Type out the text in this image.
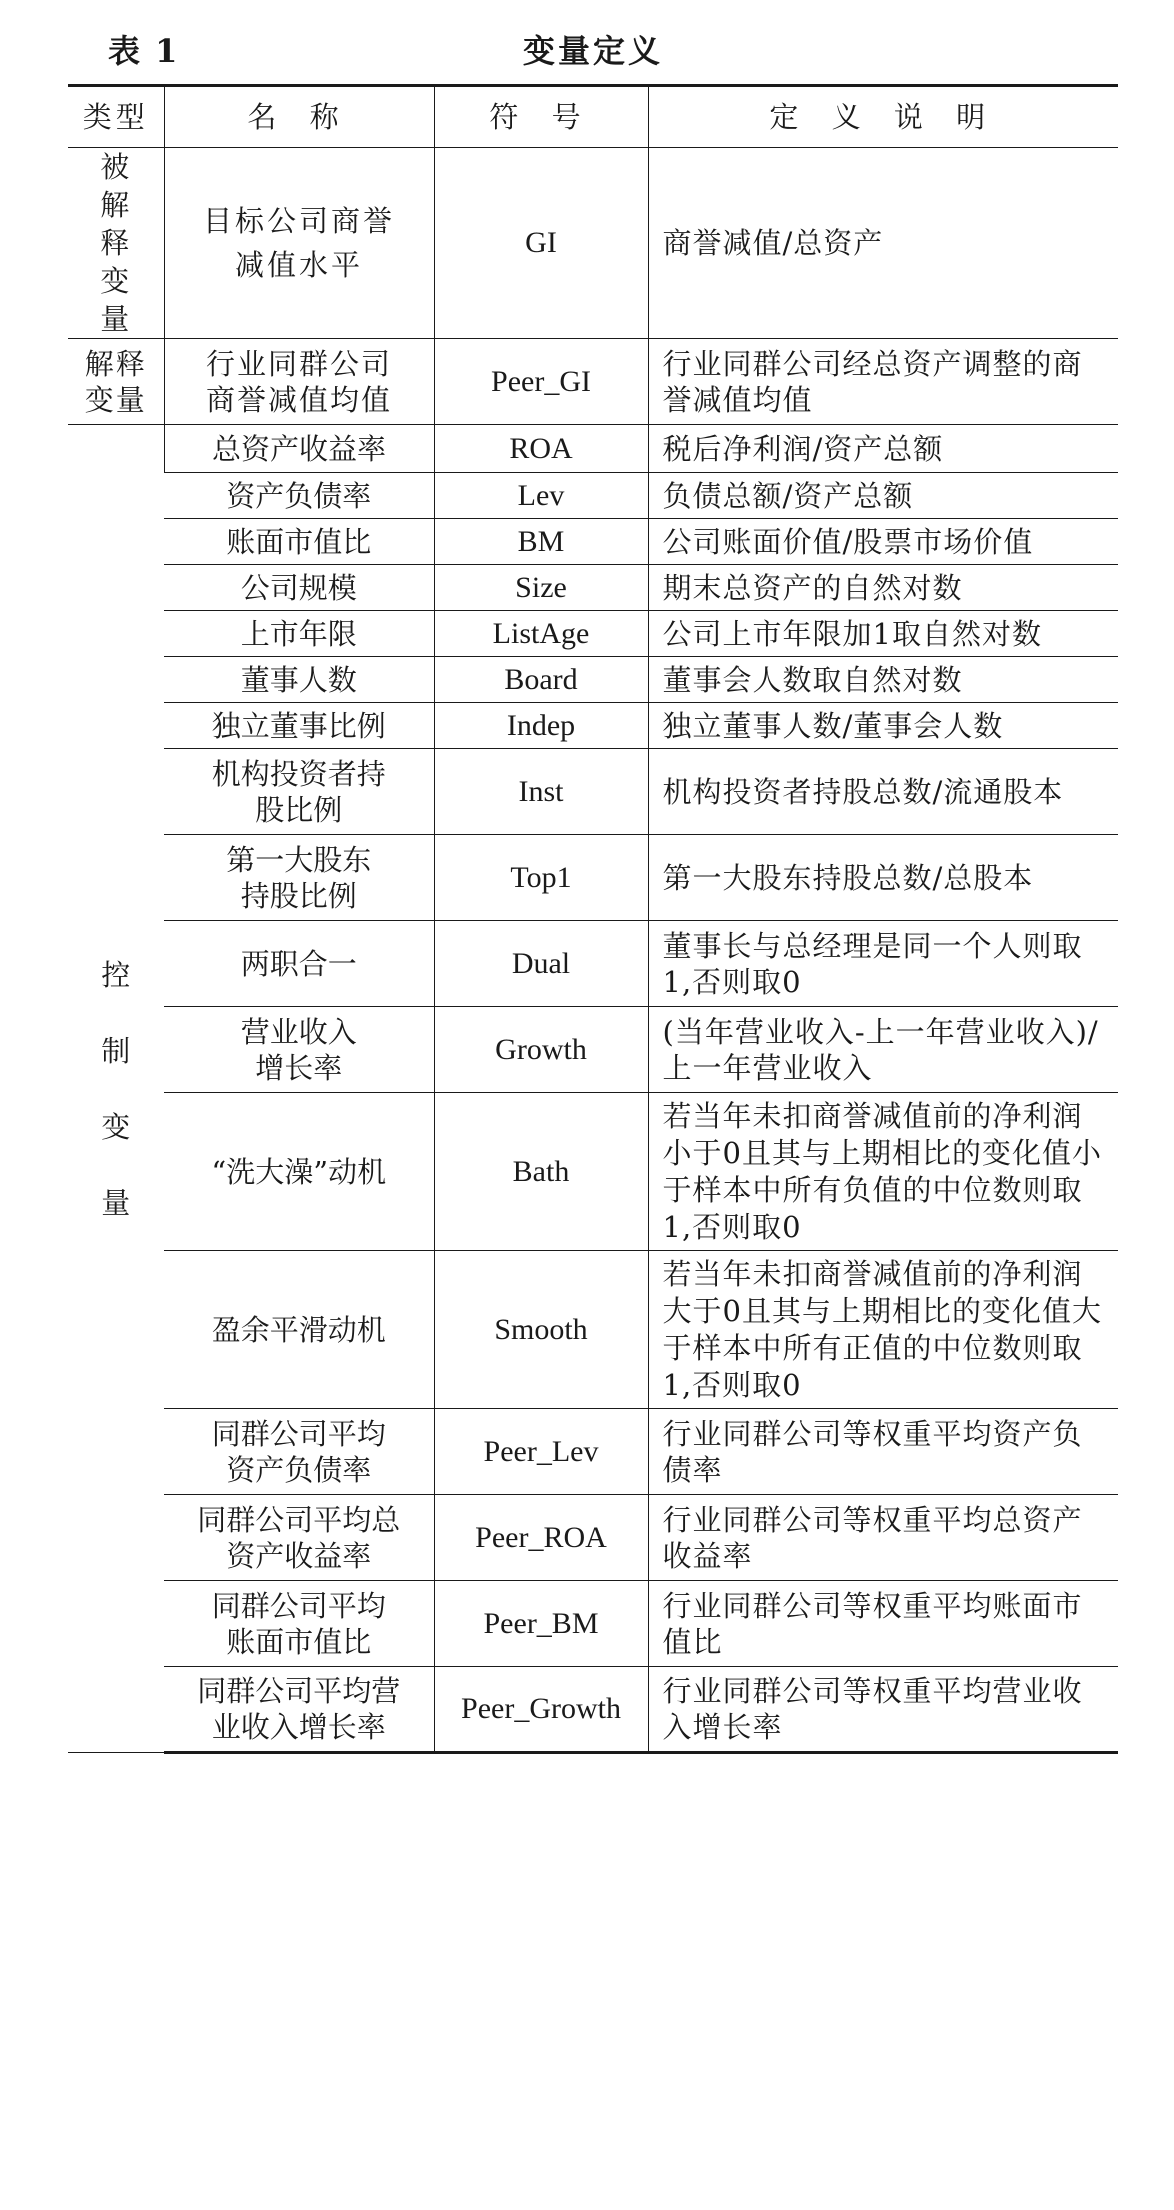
表 1	变量定义
类型	名 称	符 号	定 义 说 明

被解释变量	目标公司商誉减值水平	GI	商誉减值/总资产

解释变量	行业同群公司商誉减值均值	Peer_GI	行业同群公司经总资产调整的商誉减值均值

控制变量	总资产收益率	ROA	税后净利润/资产总额
	资产负债率	Lev	负债总额/资产总额
	账面市值比	BM	公司账面价值/股票市场价值
	公司规模	Size	期末总资产的自然对数
	上市年限	ListAge	公司上市年限加1取自然对数
	董事人数	Board	董事会人数取自然对数
	独立董事比例	Indep	独立董事人数/董事会人数

	机构投资者持股比例	Inst	机构投资者持股总数/流通股本

	第一大股东持股比例	Top1	第一大股东持股总数/总股本
	两职合一	Dual	董事长与总经理是同一个人则取1,否则取0

	营业收入增长率	Growth	(当年营业收入-上一年营业收入)/上一年营业收入
	“洗大澡”动机	Bath	若当年未扣商誉减值前的净利润小于0且其与上期相比的变化值小于样本中所有负值的中位数则取1,否则取0
	盈余平滑动机	Smooth	若当年未扣商誉减值前的净利润大于0且其与上期相比的变化值大于样本中所有正值的中位数则取1,否则取0

	同群公司平均资产负债率	Peer_Lev	行业同群公司等权重平均资产负债率

	同群公司平均总资产收益率	Peer_ROA	行业同群公司等权重平均总资产收益率

	同群公司平均账面市值比	Peer_BM	行业同群公司等权重平均账面市值比

	同群公司平均营业收入增长率	Peer_Growth	行业同群公司等权重平均营业收入增长率
